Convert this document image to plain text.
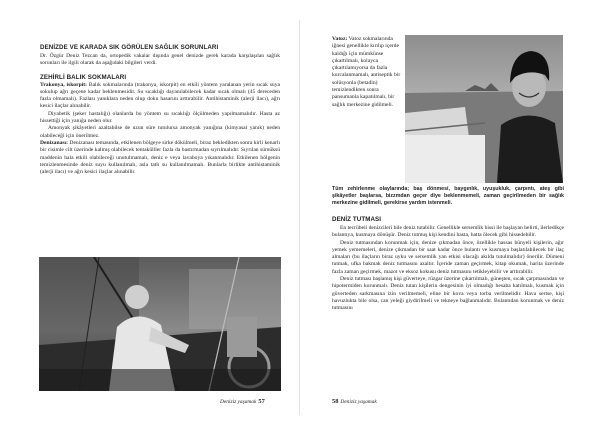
DENİZDE VE KARADA SIK GÖRÜLEN SAĞLIK SORUNLARI

Dr. Özgür Deniz Tezcan da, ortopedik vakalar dışında genel denizde gerek karada karşılaşılan sağlık sorunları ile ilgili olarak da aşağıdaki bilgileri verdi.

ZEHİRLİ BALIK SOKMALARI

Trakonya, iskorpit: Balık sokmalarında (trakonya, iskorpit) en etkili yöntem yaralanan yerin sıcak suya sokulup ağrı geçene kadar beklenmesidir. Su sıcaklığı dayanılabilecek kadar sıcak olmalı (45 dereceden fazla olmamalı). Fazlası yanıklara neden olup doku hasarını arttırabilir. Antihistaminik (alerji ilacı), ağrı kesici ilaçlar alınabilir.

Diyabetik (şeker hastalığı) olanlarda bu yöntem su sıcaklığı ölçülmeden yapılmamalıdır. Hasta az hissettiği için yanığa neden olur.

Amonyak şikâyetleri azaltabilse de uzun süre tutulursa amonyak yanığına (kimyasal yanık) neden olabileceği için önerilmez.

Denizanası: Denizanası temasında, etkilenen bölgeye sirke dökülmeli, biraz bekledikten sonra kirli kenarlı bir cisimle cilt üzerinde kalmış olabilecek tentakülller fazla da bastırmadan sıyrılmalıdır. Sıyrılan sümüksü maddenin hala etkili olabileceği unutulmamalı, deniz e veya lavaboya yıkanmalıdır. Etkilenen bölgenin temizlenmesinde deniz suyu kullanılmalı, asla tatlı su kullanılmamalı. Bunlarla birlikte antihistaminik (alerji ilacı) ve ağrı kesici ilaçlar alınabilir.

Deniziz yaşamak 57

Vatoz: Vatoz sokmalarında iğnesi genellikle kırılıp içerde kaldığı için mümkünse çıkartılmalı, kolayca çıkartılamıyorsa da fazla kurcalanmamalı, antiseptik bir solüsyonla (betadin) temizlendikten sonra pansumanla kapatılmalı, bir sağlık merkezine gidilmeli.

Tüm zehirlenme olaylarında; baş dönmesi, baygınlık, uyuşukluk, çarpıntı, ateş gibi şikâyetler başlarsa, bizzmdan geçer diye beklenmemeli, zaman geçirilmeden bir sağlık merkezine gidilmeli, gerekirse yardım istenmeli.

DENİZ TUTMASI

En tecrübeli denizcileri bile deniz tutabilir. Genellikle sersemlik hissi ile başlayan belirti, ilerledikçe bulantıya, kusmaya dönüşür. Deniz tutmuş kişi kendini hasta, hatta ölecek gibi hissedebilir.

Deniz tutmasından korunmak için, denize çıkmadan önce, özellikle hassas bünyeli kişilerin, ağır yemek yememeleri, denize çıkmadan bir saat kadar önce bulantı ve kusmaya başlatılabilecek bir ilaç almaları (bu ilaçların biraz uyku ve sersemlik yan etkisi olacağı akılda tutulmalıdır) önerilir. Dümeni tutmak, ufka bakmak deniz tutmasını azaltır. İçeride zaman geçirmek, kitap okumak, harita üzerinde fazla zaman geçirmek, mazot ve eksoz kokusu deniz tutmasını tetikleyebilir ve arttırabilir.

Deniz tutması başlamış kişi güverteye, rüzgar üzerine çıkartılmalı, güneşten, sıcak çarpmasından ve hipotermiden korunmalı. Deniz tutan kişilerin dengesinin iyi olmadığı hesaba katılmalı, kusmak için güverteden sarkmasına izin verilmemeli, eline bir kova veya torba verilmelidir. Hava sertse, kişi havuzlukta bile olsa, can yeleği giydirilmeli ve tekneye bağlanmalıdır. Bulantıdan korunmak ve deniz tutmasını

58 Deniziz yaşamak
